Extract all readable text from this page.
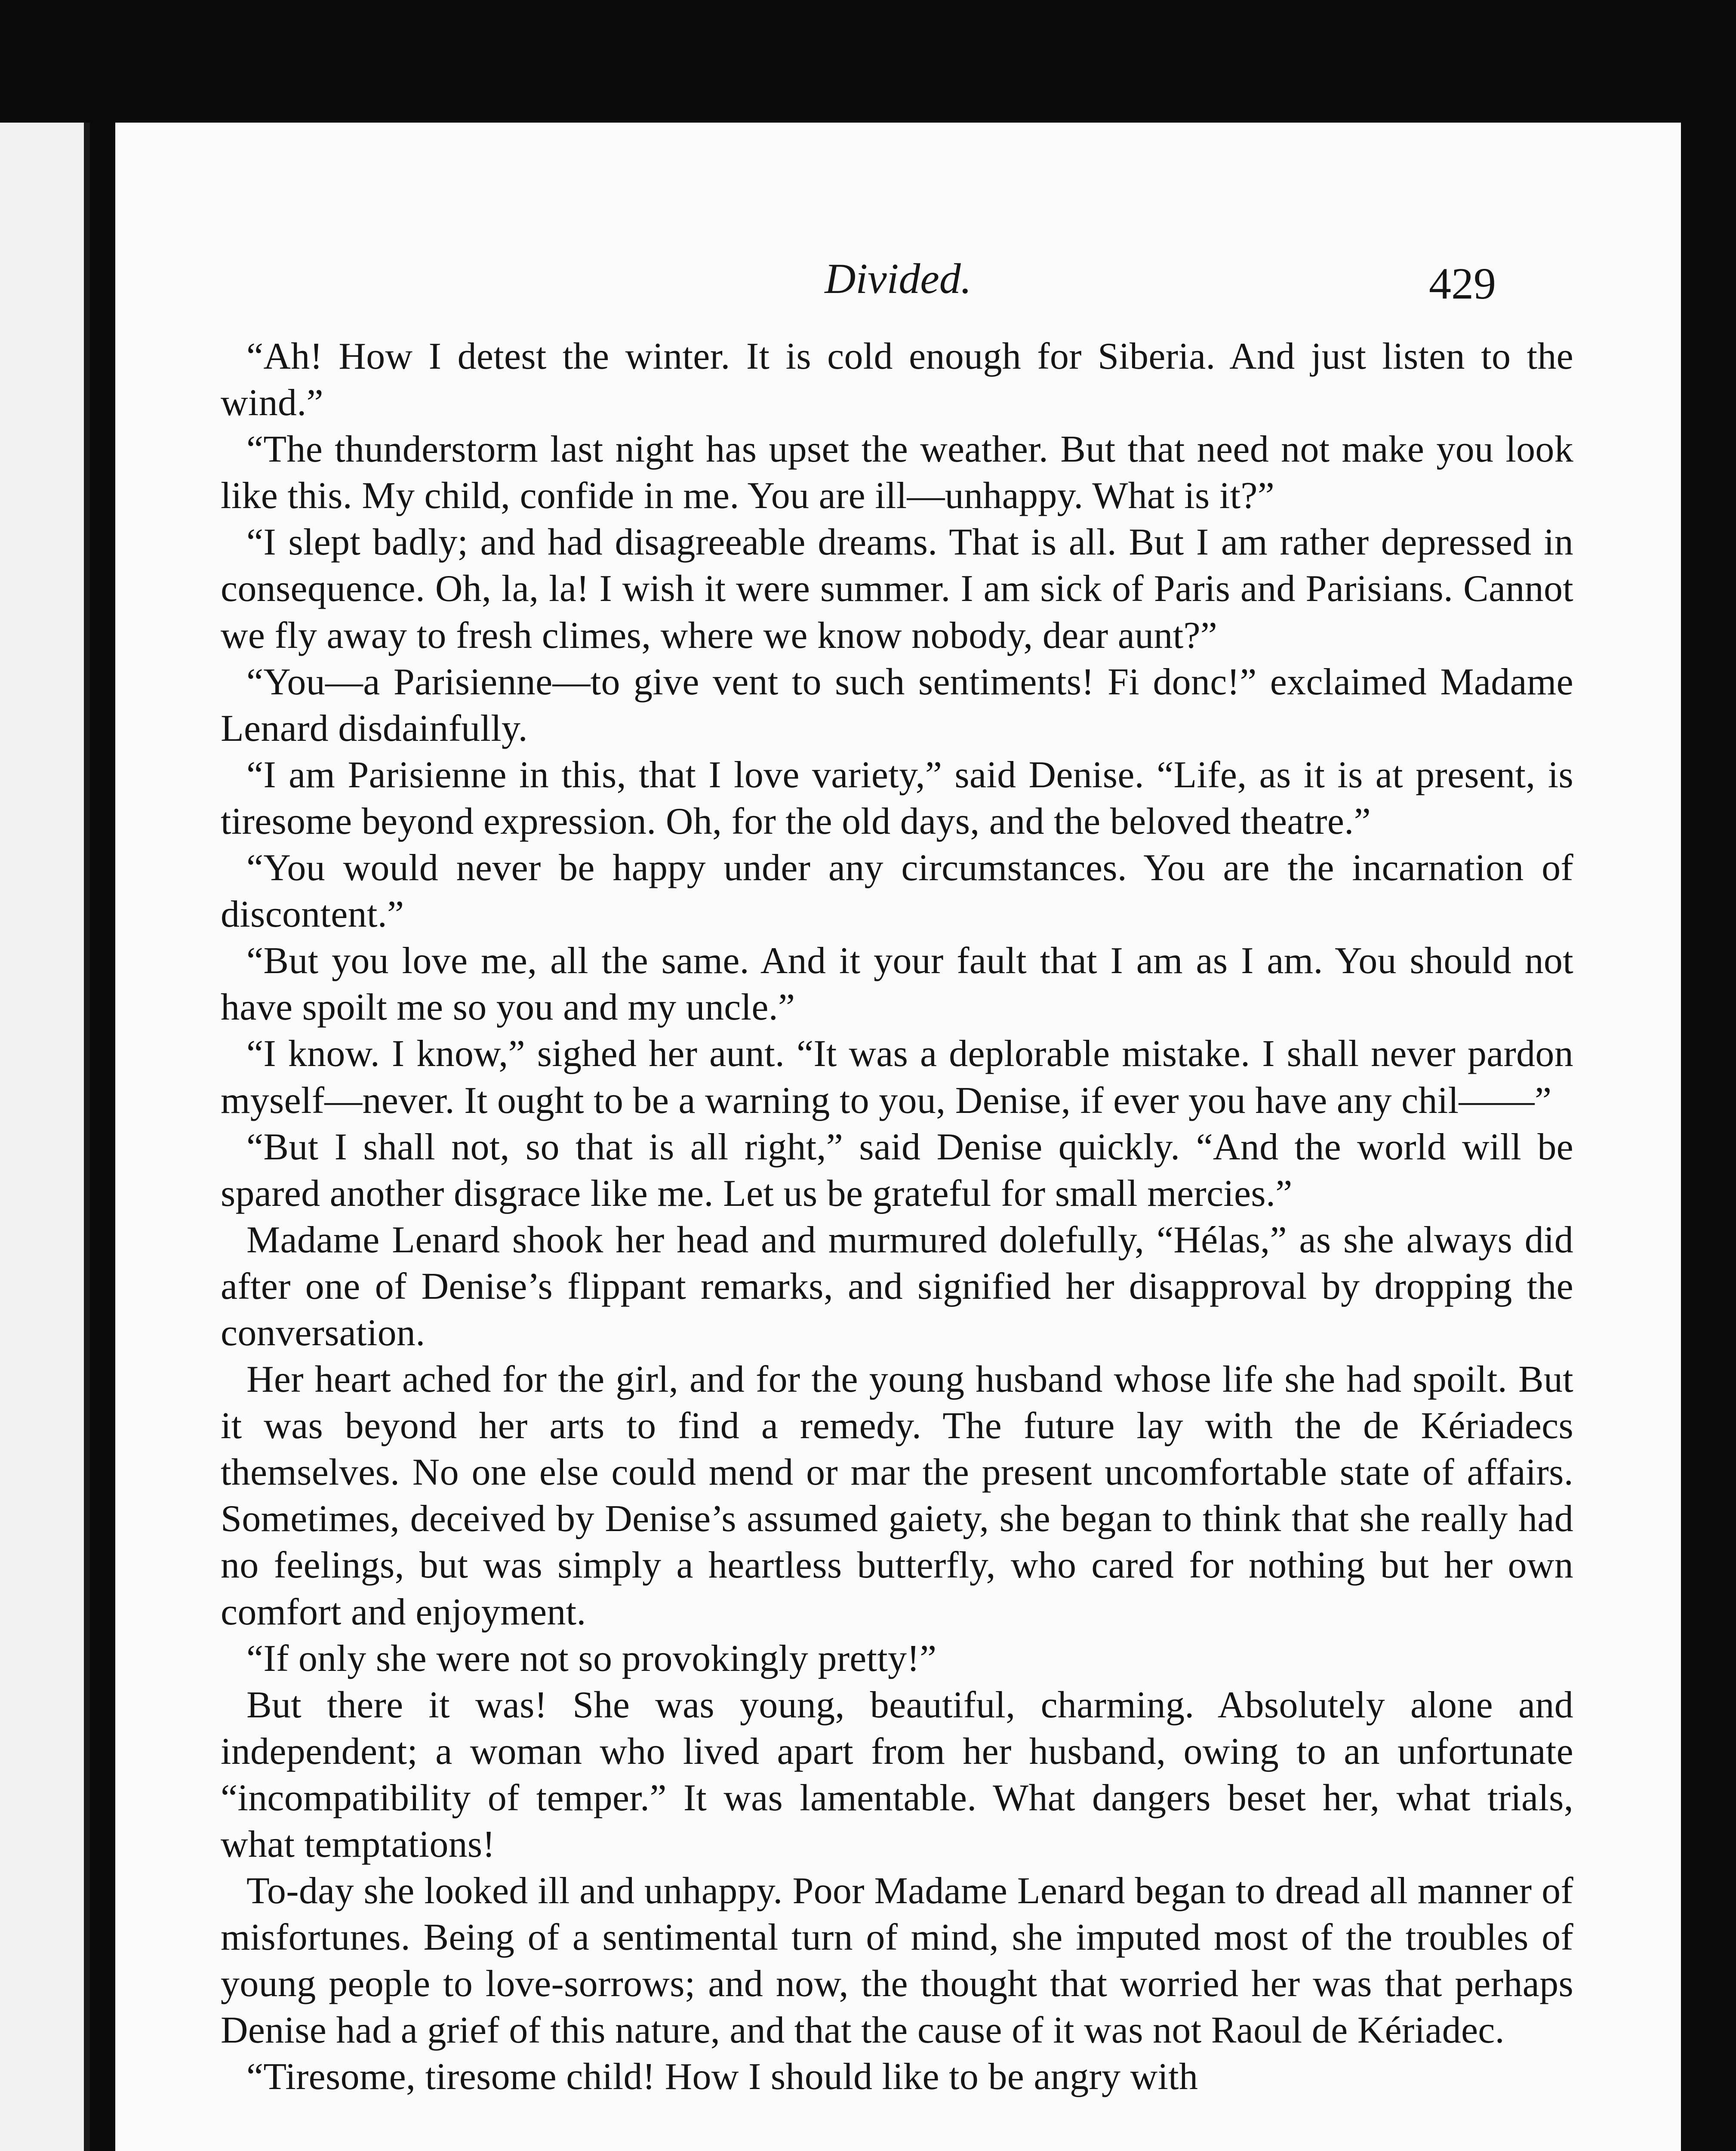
Divided.	429

“Ah! How I detest the winter. It is cold enough for Siberia. And just listen to the wind.”

“The thunderstorm last night has upset the weather. But that need not make you look like this. My child, confide in me. You are ill—unhappy. What is it?”

“I slept badly; and had disagreeable dreams. That is all. But I am rather depressed in consequence. Oh, la, la! I wish it were summer. I am sick of Paris and Parisians. Cannot we fly away to fresh climes, where we know nobody, dear aunt?”

“You—a Parisienne—to give vent to such sentiments! Fi donc!” exclaimed Madame Lenard disdainfully.

“I am Parisienne in this, that I love variety,” said Denise. “Life, as it is at present, is tiresome beyond expression. Oh, for the old days, and the beloved theatre.”

“You would never be happy under any circumstances. You are the incarnation of discontent.”

“But you love me, all the same. And it your fault that I am as I am. You should not have spoilt me so you and my uncle.”

“I know. I know,” sighed her aunt. “It was a deplorable mistake. I shall never pardon myself—never. It ought to be a warning to you, Denise, if ever you have any chil——”

“But I shall not, so that is all right,” said Denise quickly. “And the world will be spared another disgrace like me. Let us be grateful for small mercies.”

Madame Lenard shook her head and murmured dolefully, “Hélas,” as she always did after one of Denise’s flippant remarks, and signified her disapproval by dropping the conversation.

Her heart ached for the girl, and for the young husband whose life she had spoilt. But it was beyond her arts to find a remedy. The future lay with the de Kériadecs themselves. No one else could mend or mar the present uncomfortable state of affairs. Sometimes, deceived by Denise’s assumed gaiety, she began to think that she really had no feelings, but was simply a heartless butterfly, who cared for nothing but her own comfort and enjoyment.

“If only she were not so provokingly pretty!”

But there it was! She was young, beautiful, charming. Absolutely alone and independent; a woman who lived apart from her husband, owing to an unfortunate “incompatibility of temper.” It was lamentable. What dangers beset her, what trials, what temptations!

To-day she looked ill and unhappy. Poor Madame Lenard began to dread all manner of misfortunes. Being of a sentimental turn of mind, she imputed most of the troubles of young people to love-sorrows; and now, the thought that worried her was that perhaps Denise had a grief of this nature, and that the cause of it was not Raoul de Kériadec.

“Tiresome, tiresome child! How I should like to be angry with
